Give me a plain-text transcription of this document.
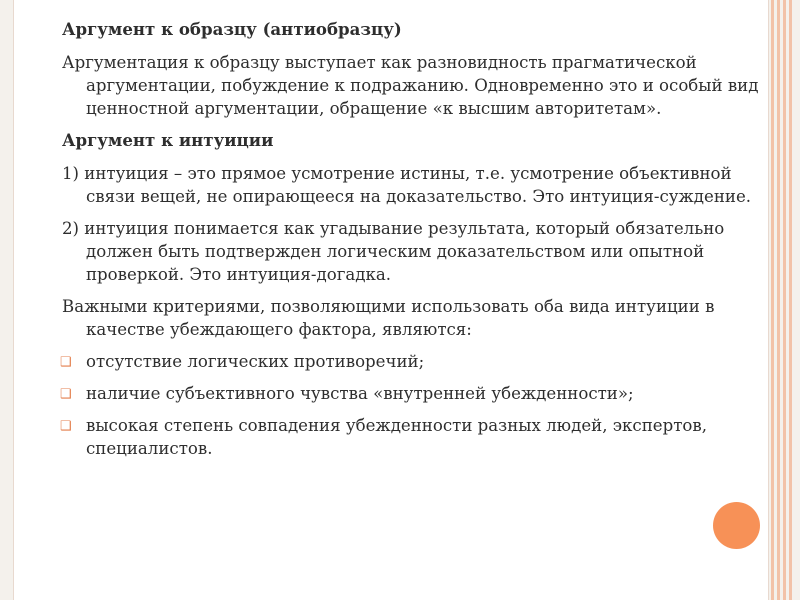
Аргумент к образцу (антиобразцу)

Аргументация к образцу выступает как разновидность прагматической аргументации, побуждение к подражанию. Одновременно это и особый вид ценностной аргументации, обращение «к высшим авторитетам».

Аргумент к интуиции

1) интуиция – это прямое усмотрение истины, т.е. усмотрение объективной связи вещей, не опирающееся на доказательство. Это интуиция-суждение.

2) интуиция понимается как угадывание результата, который обязательно должен быть подтвержден логическим доказательством или опытной проверкой. Это интуиция-догадка.

Важными критериями, позволяющими использовать оба вида интуиции в качестве убеждающего фактора, являются:

❑ отсутствие логических противоречий;
❑ наличие субъективного чувства «внутренней убежденности»;
❑ высокая степень совпадения убежденности разных людей, экспертов, специалистов.
